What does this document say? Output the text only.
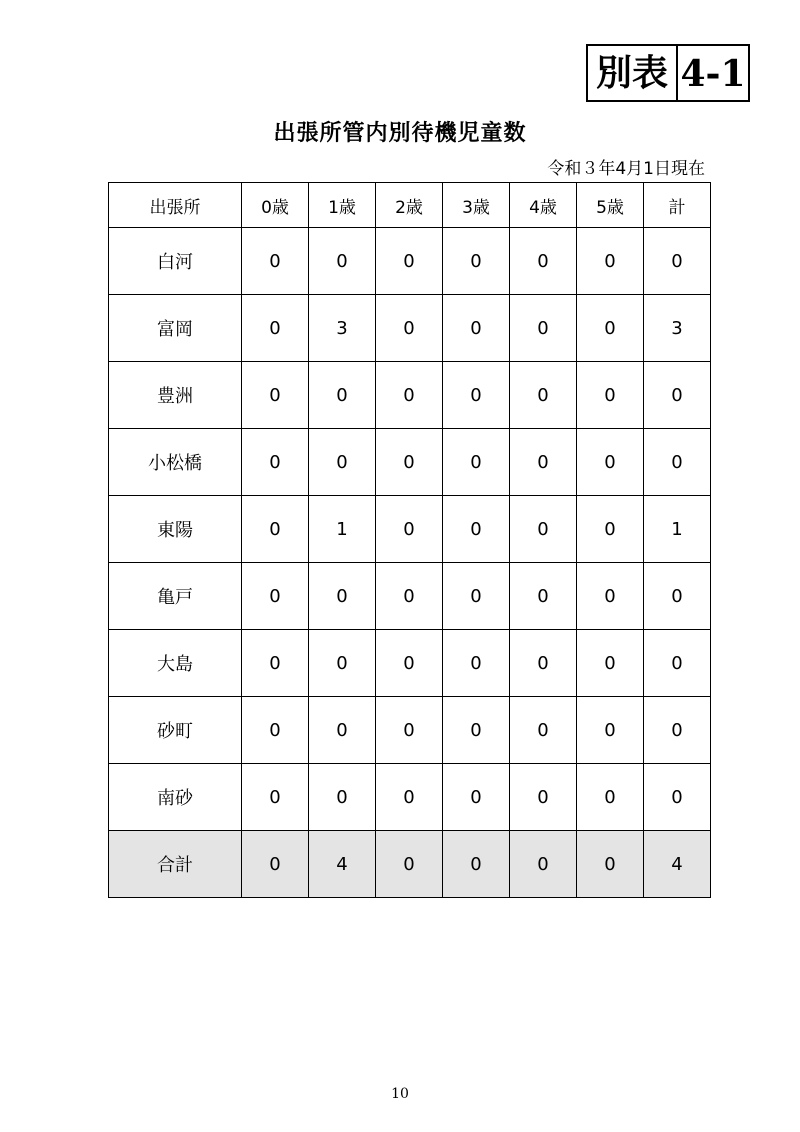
別表 4-1
出張所管内別待機児童数
令和３年4月1日現在
出張所	0歳	1歳	2歳	3歳	4歳	5歳	計
白河	0	0	0	0	0	0	0
富岡	0	3	0	0	0	0	3
豊洲	0	0	0	0	0	0	0
小松橋	0	0	0	0	0	0	0
東陽	0	1	0	0	0	0	1
亀戸	0	0	0	0	0	0	0
大島	0	0	0	0	0	0	0
砂町	0	0	0	0	0	0	0
南砂	0	0	0	0	0	0	0
合計	0	4	0	0	0	0	4
10
